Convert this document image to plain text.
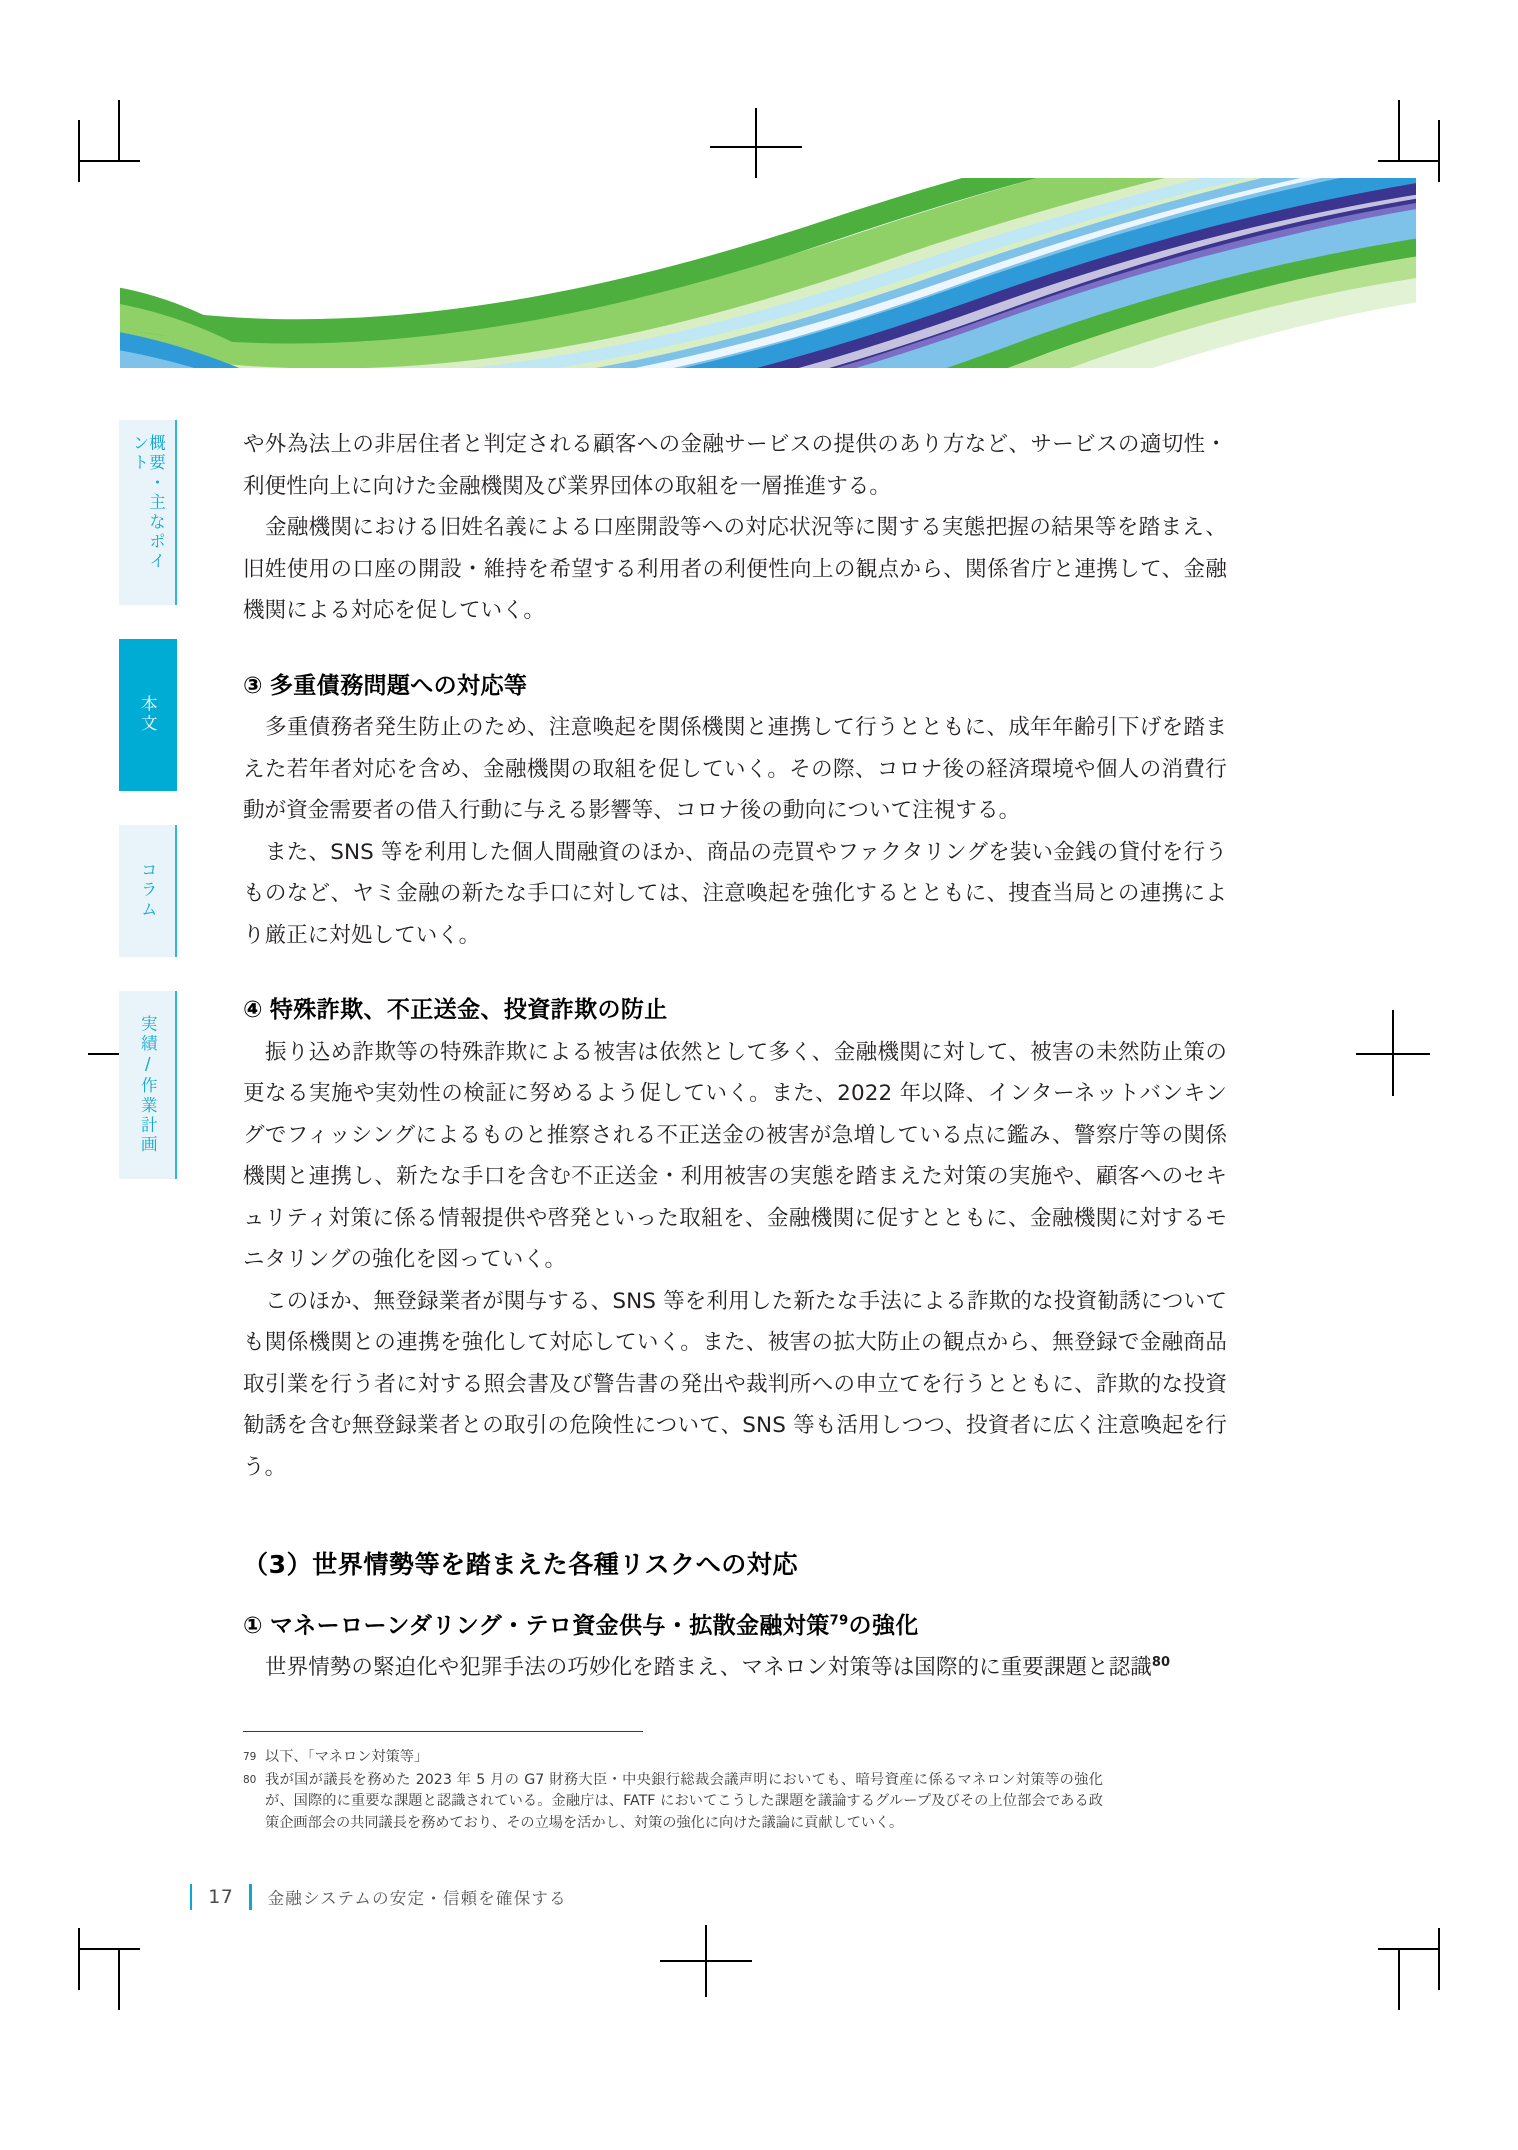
概要・主なポイント
本文
コラム
実績/作業計画

や外為法上の非居住者と判定される顧客への金融サービスの提供のあり方など、サービスの適切性・利便性向上に向けた金融機関及び業界団体の取組を一層推進する。

金融機関における旧姓名義による口座開設等への対応状況等に関する実態把握の結果等を踏まえ、旧姓使用の口座の開設・維持を希望する利用者の利便性向上の観点から、関係省庁と連携して、金融機関による対応を促していく。

③ 多重債務問題への対応等

多重債務者発生防止のため、注意喚起を関係機関と連携して行うとともに、成年年齢引下げを踏まえた若年者対応を含め、金融機関の取組を促していく。その際、コロナ後の経済環境や個人の消費行動が資金需要者の借入行動に与える影響等、コロナ後の動向について注視する。

また、SNS 等を利用した個人間融資のほか、商品の売買やファクタリングを装い金銭の貸付を行うものなど、ヤミ金融の新たな手口に対しては、注意喚起を強化するとともに、捜査当局との連携により厳正に対処していく。

④ 特殊詐欺、不正送金、投資詐欺の防止

振り込め詐欺等の特殊詐欺による被害は依然として多く、金融機関に対して、被害の未然防止策の更なる実施や実効性の検証に努めるよう促していく。また、2022 年以降、インターネットバンキングでフィッシングによるものと推察される不正送金の被害が急増している点に鑑み、警察庁等の関係機関と連携し、新たな手口を含む不正送金・利用被害の実態を踏まえた対策の実施や、顧客へのセキュリティ対策に係る情報提供や啓発といった取組を、金融機関に促すとともに、金融機関に対するモニタリングの強化を図っていく。

このほか、無登録業者が関与する、SNS 等を利用した新たな手法による詐欺的な投資勧誘についても関係機関との連携を強化して対応していく。また、被害の拡大防止の観点から、無登録で金融商品取引業を行う者に対する照会書及び警告書の発出や裁判所への申立てを行うとともに、詐欺的な投資勧誘を含む無登録業者との取引の危険性について、SNS 等も活用しつつ、投資者に広く注意喚起を行う。

（3）世界情勢等を踏まえた各種リスクへの対応
① マネーローンダリング・テロ資金供与・拡散金融対策$^{79}$の強化

世界情勢の緊迫化や犯罪手法の巧妙化を踏まえ、マネロン対策等は国際的に重要課題と認識$^{80}$

79 以下、「マネロン対策等」
80 我が国が議長を務めた 2023 年 5 月の G7 財務大臣・中央銀行総裁会議声明においても、暗号資産に係るマネロン対策等の強化が、国際的に重要な課題と認識されている。金融庁は、FATF においてこうした課題を議論するグループ及びその上位部会である政策企画部会の共同議長を務めており、その立場を活かし、対策の強化に向けた議論に貢献していく。
17 金融システムの安定・信頼を確保する
